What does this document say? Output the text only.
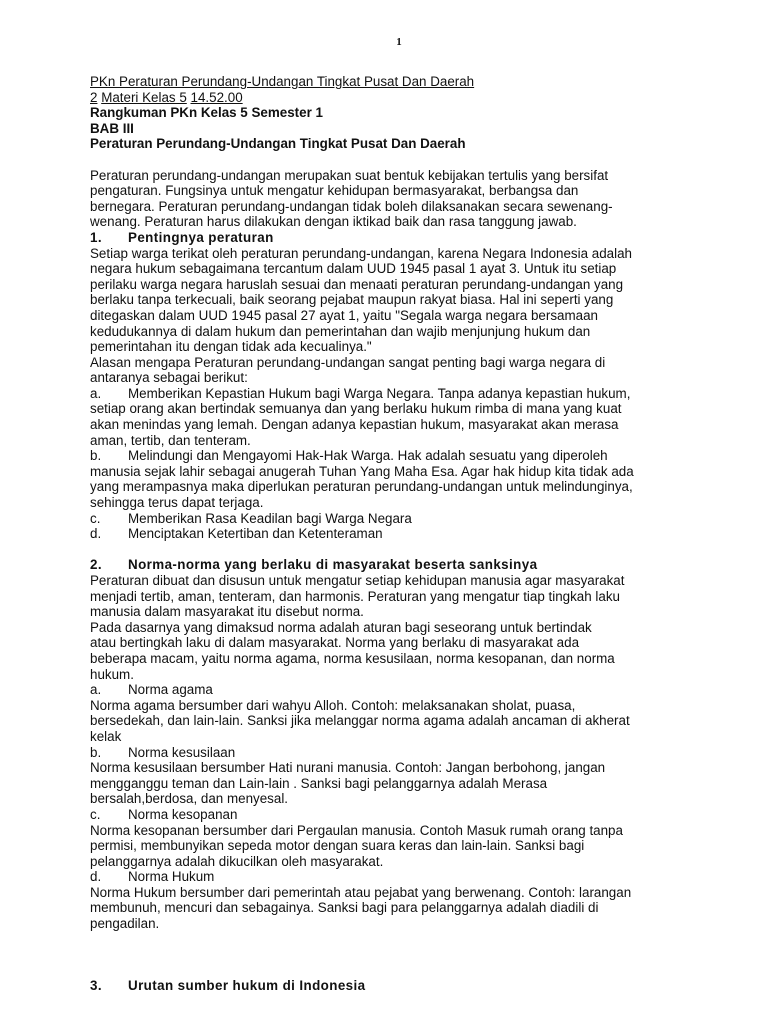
1
PKn Peraturan Perundang-Undangan Tingkat Pusat Dan Daerah
2 Materi Kelas 5 14.52.00
Rangkuman PKn Kelas 5 Semester 1
BAB III
Peraturan Perundang-Undangan Tingkat Pusat Dan Daerah
Peraturan perundang-undangan merupakan suat bentuk kebijakan tertulis yang bersifat
pengaturan. Fungsinya untuk mengatur kehidupan bermasyarakat, berbangsa dan
bernegara. Peraturan perundang-undangan tidak boleh dilaksanakan secara sewenang-
wenang. Peraturan harus dilakukan dengan iktikad baik dan rasa tanggung jawab.
1. Pentingnya peraturan
Setiap warga terikat oleh peraturan perundang-undangan, karena Negara Indonesia adalah
negara hukum sebagaimana tercantum dalam UUD 1945 pasal 1 ayat 3. Untuk itu setiap
perilaku warga negara haruslah sesuai dan menaati peraturan perundang-undangan yang
berlaku tanpa terkecuali, baik seorang pejabat maupun rakyat biasa. Hal ini seperti yang
ditegaskan dalam UUD 1945 pasal 27 ayat 1, yaitu "Segala warga negara bersamaan
kedudukannya di dalam hukum dan pemerintahan dan wajib menjunjung hukum dan
pemerintahan itu dengan tidak ada kecualinya."
Alasan mengapa Peraturan perundang-undangan sangat penting bagi warga negara di
antaranya sebagai berikut:
a. Memberikan Kepastian Hukum bagi Warga Negara. Tanpa adanya kepastian hukum,
setiap orang akan bertindak semuanya dan yang berlaku hukum rimba di mana yang kuat
akan menindas yang lemah. Dengan adanya kepastian hukum, masyarakat akan merasa
aman, tertib, dan tenteram.
b. Melindungi dan Mengayomi Hak-Hak Warga. Hak adalah sesuatu yang diperoleh
manusia sejak lahir sebagai anugerah Tuhan Yang Maha Esa. Agar hak hidup kita tidak ada
yang merampasnya maka diperlukan peraturan perundang-undangan untuk melindunginya,
sehingga terus dapat terjaga.
c. Memberikan Rasa Keadilan bagi Warga Negara
d. Menciptakan Ketertiban dan Ketenteraman
2. Norma-norma yang berlaku di masyarakat beserta sanksinya
Peraturan dibuat dan disusun untuk mengatur setiap kehidupan manusia agar masyarakat
menjadi tertib, aman, tenteram, dan harmonis. Peraturan yang mengatur tiap tingkah laku
manusia dalam masyarakat itu disebut norma.
Pada dasarnya yang dimaksud norma adalah aturan bagi seseorang untuk bertindak
atau bertingkah laku di dalam masyarakat. Norma yang berlaku di masyarakat ada
beberapa macam, yaitu norma agama, norma kesusilaan, norma kesopanan, dan norma
hukum.
a. Norma agama
Norma agama bersumber dari wahyu Alloh. Contoh: melaksanakan sholat, puasa,
bersedekah, dan lain-lain. Sanksi jika melanggar norma agama adalah ancaman di akherat
kelak
b. Norma kesusilaan
Norma kesusilaan bersumber Hati nurani manusia. Contoh: Jangan berbohong, jangan
mengganggu teman dan Lain-lain . Sanksi bagi pelanggarnya adalah Merasa
bersalah,berdosa, dan menyesal.
c. Norma kesopanan
Norma kesopanan bersumber dari Pergaulan manusia. Contoh Masuk rumah orang tanpa
permisi, membunyikan sepeda motor dengan suara keras dan lain-lain. Sanksi bagi
pelanggarnya adalah dikucilkan oleh masyarakat.
d. Norma Hukum
Norma Hukum bersumber dari pemerintah atau pejabat yang berwenang. Contoh: larangan
membunuh, mencuri dan sebagainya. Sanksi bagi para pelanggarnya adalah diadili di
pengadilan.
3. Urutan sumber hukum di Indonesia
